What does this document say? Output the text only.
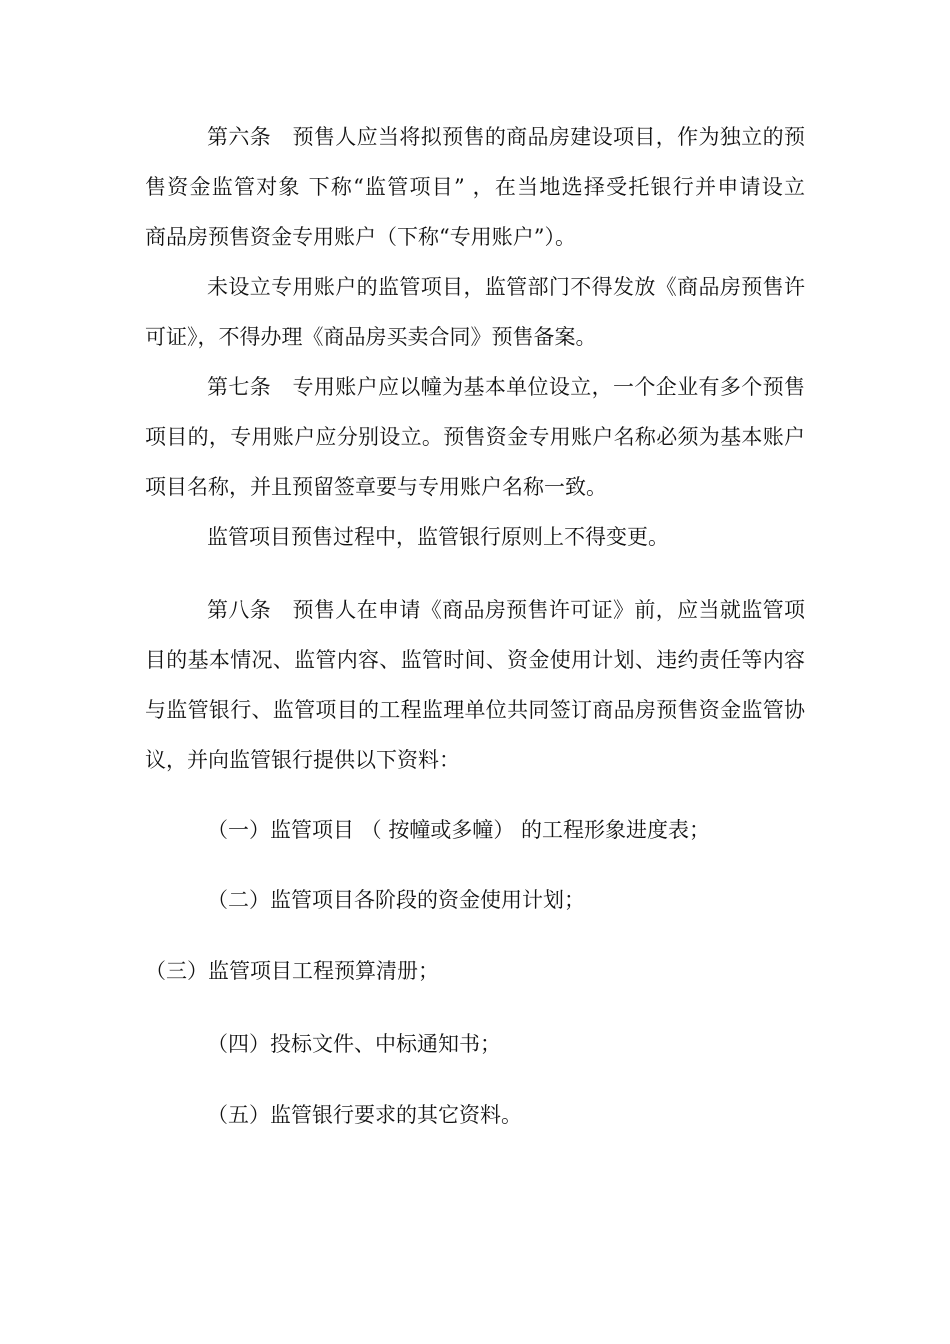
第六条　预售人应当将拟预售的商品房建设项目，作为独立的预
售资金监管对象 下称“监管项目” ，在当地选择受托银行并申请设立
商品房预售资金专用账户（下称“专用账户”）。
未设立专用账户的监管项目，监管部门不得发放《商品房预售许
可证》，不得办理《商品房买卖合同》预售备案。
第七条　专用账户应以幢为基本单位设立，一个企业有多个预售
项目的，专用账户应分别设立。预售资金专用账户名称必须为基本账户
项目名称，并且预留签章要与专用账户名称一致。
监管项目预售过程中，监管银行原则上不得变更。
第八条　预售人在申请《商品房预售许可证》前，应当就监管项
目的基本情况、监管内容、监管时间、资金使用计划、违约责任等内容
与监管银行、监管项目的工程监理单位共同签订商品房预售资金监管协
议，并向监管银行提供以下资料：
（一）监管项目 （ 按幢或多幢） 的工程形象进度表；
（二）监管项目各阶段的资金使用计划；
（三）监管项目工程预算清册；
（四）投标文件、中标通知书；
（五）监管银行要求的其它资料。
